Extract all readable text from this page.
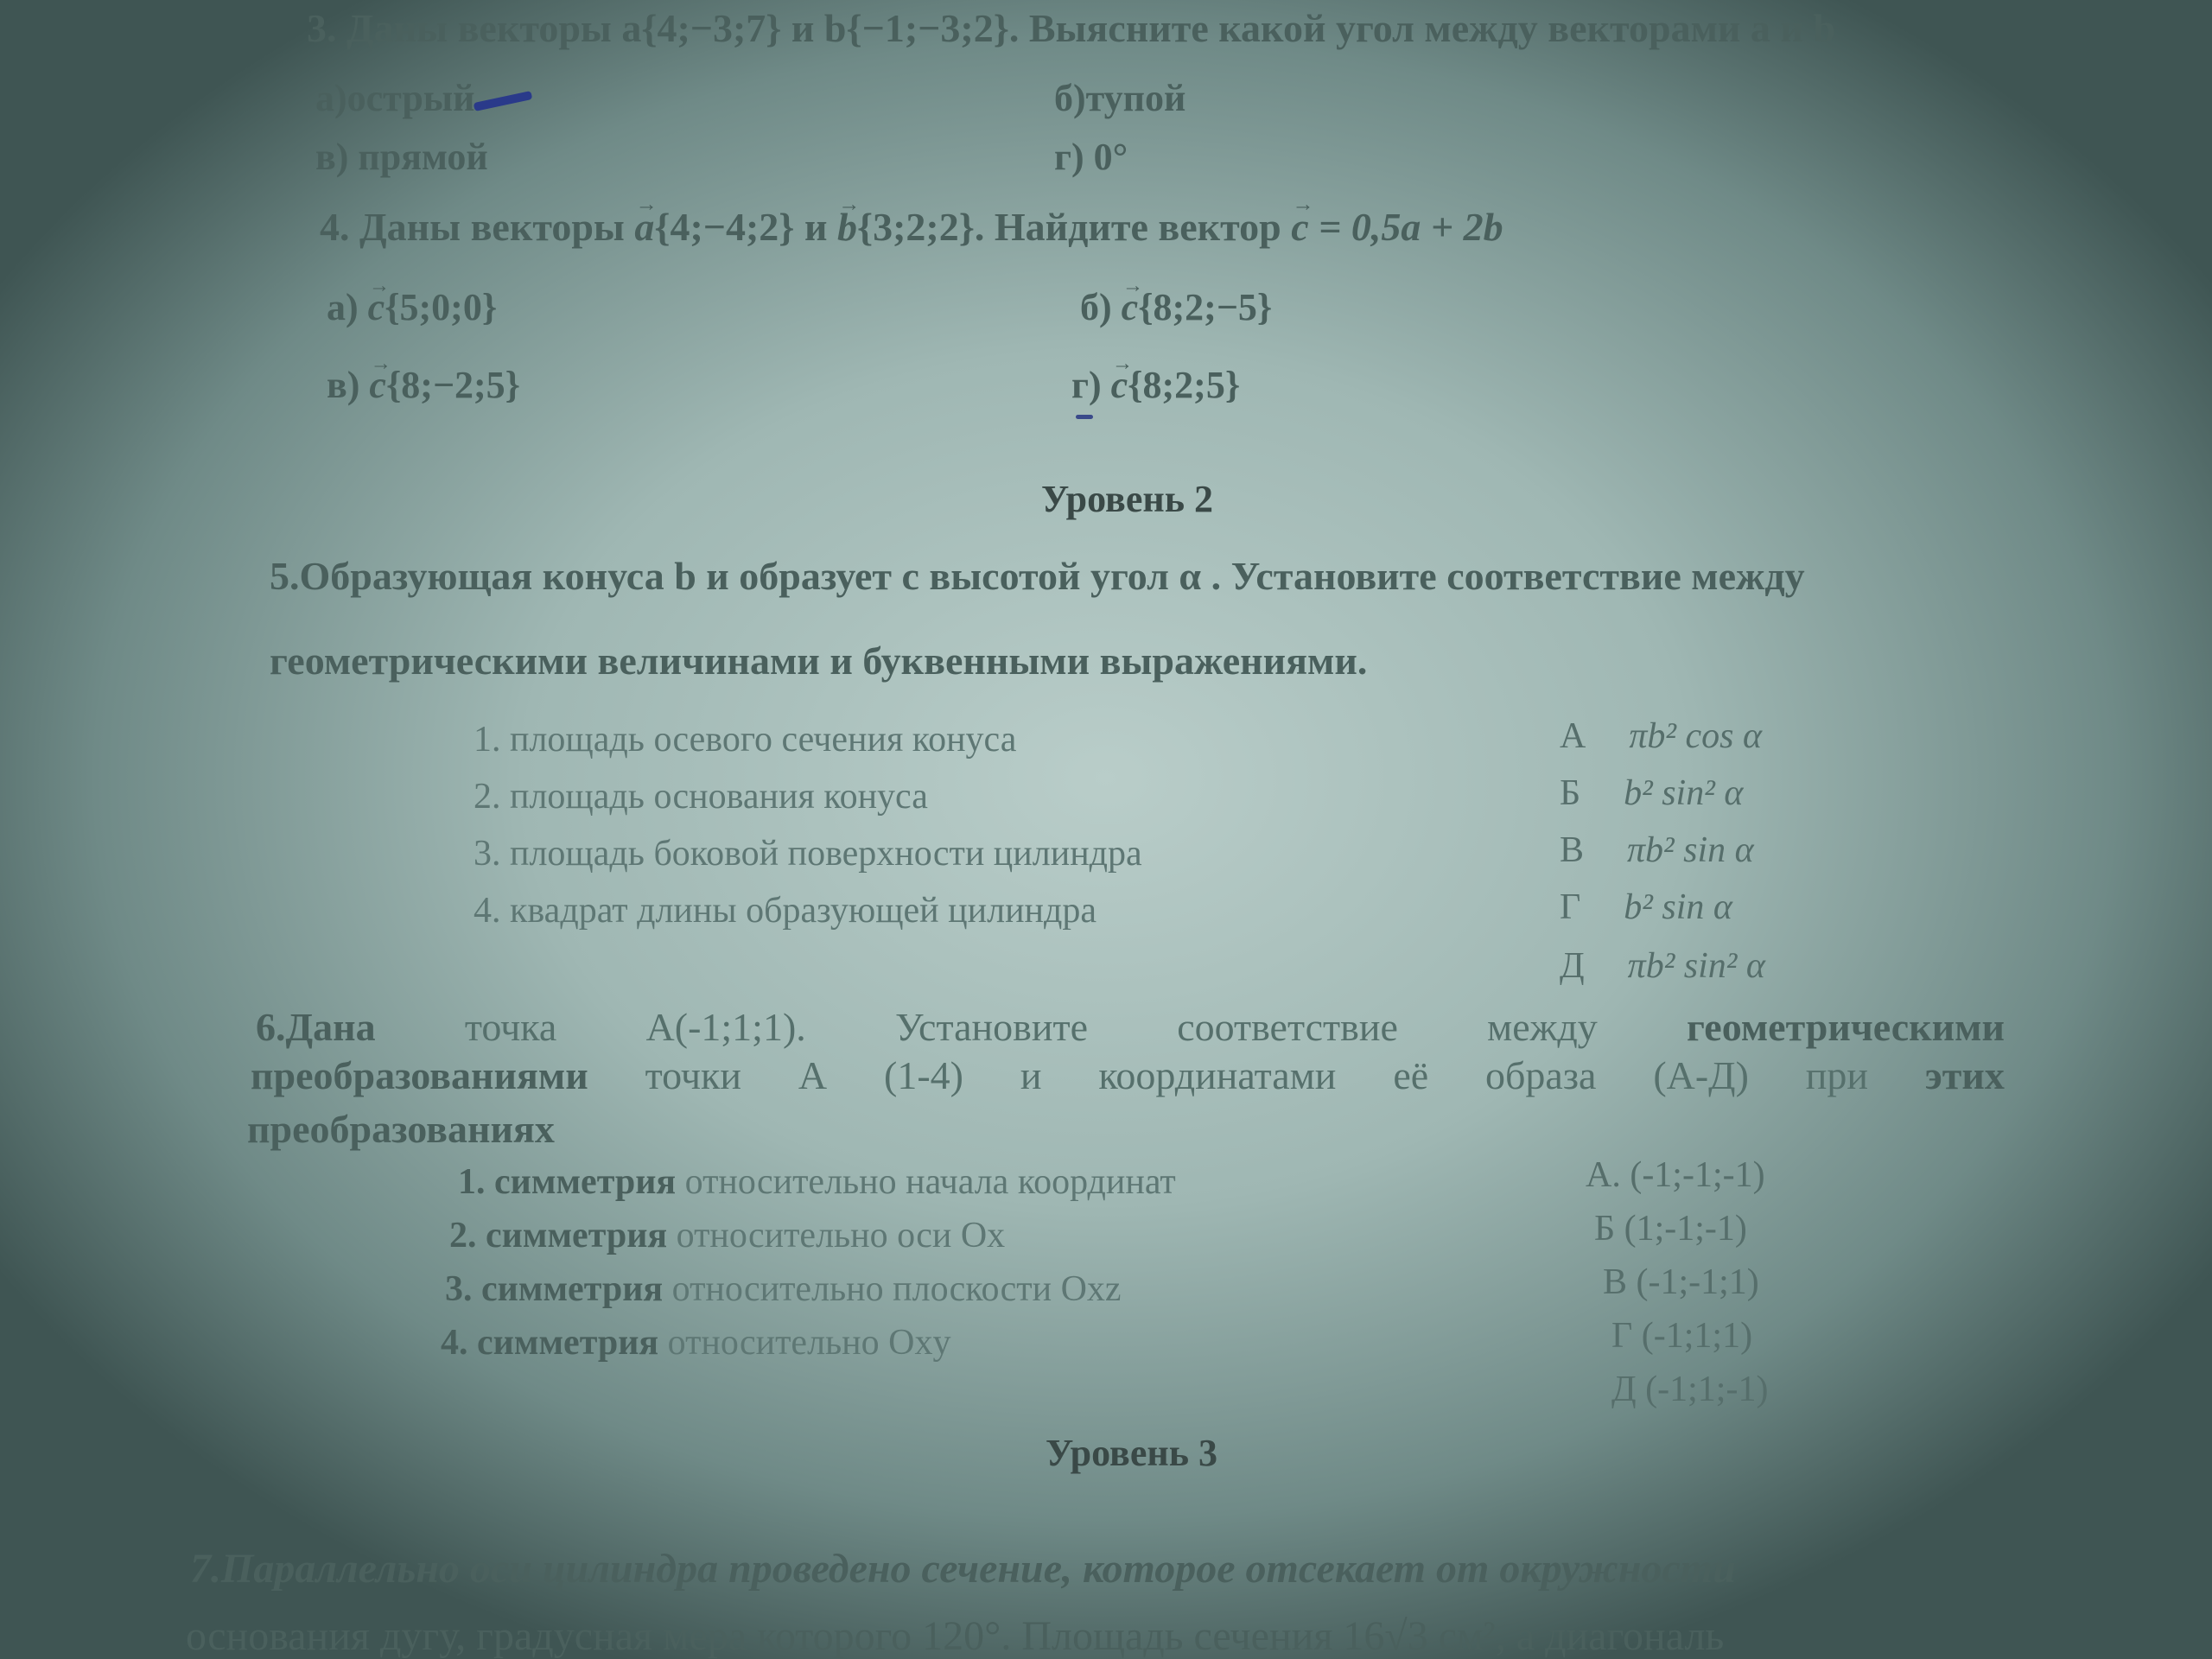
3. Даны векторы a{4;−3;7} и b{−1;−3;2}. Выясните какой угол между векторами a и b
а)острый	б)тупой
в) прямой	г) 0°
4. Даны векторы → a{4;−4;2} и → b{3;2;2}. Найдите вектор → c = 0,5a + 2b
а) → c{5;0;0}	б) → c{8;2;−5}
в) → c{8;−2;5}	г) → c{8;2;5}
Уровень 2
5.Образующая конуса b и образует с высотой угол α . Установите соответствие между
геометрическими величинами и буквенными выражениями.
1. площадь осевого сечения конуса
2. площадь основания конуса
3. площадь боковой поверхности цилиндра
4. квадрат длины образующей цилиндра
А πb² cos α
Б b² sin² α
В πb² sin α
Г b² sin α
Д πb² sin² α
6.Дана точка А(-1;1;1). Установите соответствие между геометрическими
преобразованиями точки А (1-4) и координатами её образа (А-Д) при этих
преобразованиях
1. симметрия относительно начала координат
2. симметрия относительно оси Ох
3. симметрия относительно плоскости Oxz
4. симметрия относительно Oxy
А. (-1;-1;-1)
Б (1;-1;-1)
В (-1;-1;1)
Г (-1;1;1)
Д (-1;1;-1)
Уровень 3
7.Параллельно оси цилиндра проведено сечение, которое отсекает от окружности
основания дугу, градусная мера которого 120°. Площадь сечения 16√3 см², а диагональ
